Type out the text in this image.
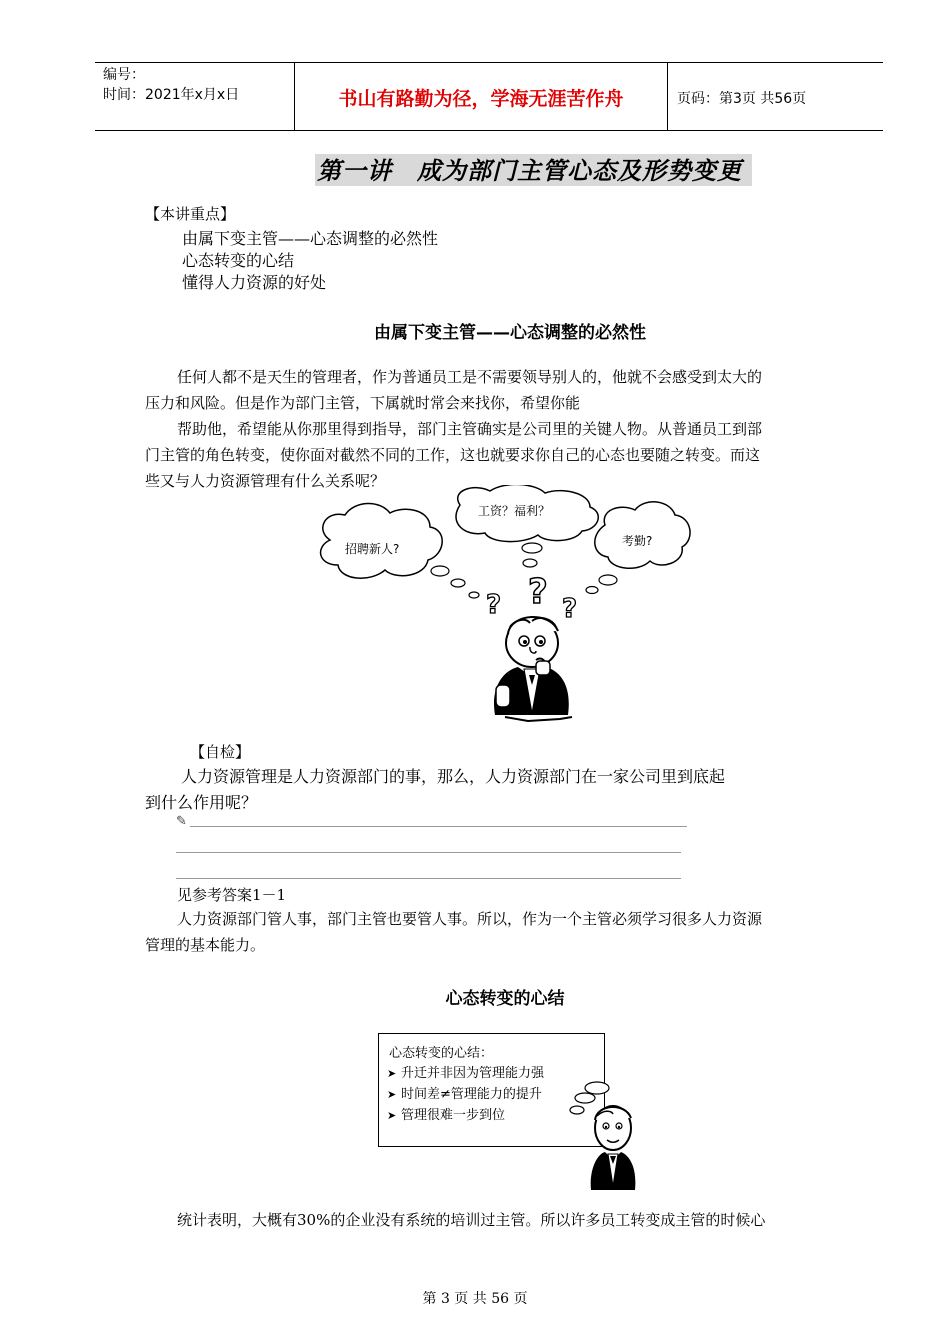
编号：
时间：2021年x月x日	书山有路勤为径，学海无涯苦作舟	页码：第3页 共56页
第一讲　成为部门主管心态及形势变更
【本讲重点】
由属下变主管——心态调整的必然性
心态转变的心结
懂得人力资源的好处
由属下变主管——心态调整的必然性
任何人都不是天生的管理者，作为普通员工是不需要领导别人的，他就不会感受到太大的
压力和风险。但是作为部门主管，下属就时常会来找你，希望你能
帮助他，希望能从你那里得到指导，部门主管确实是公司里的关键人物。从普通员工到部
门主管的角色转变，使你面对截然不同的工作，这也就要求你自己的心态也要随之转变。而这
些又与人力资源管理有什么关系呢？
招聘新人?
工资？福利？
考勤?
?
? ?
【自检】
人力资源管理是人力资源部门的事，那么，人力资源部门在一家公司里到底起
到什么作用呢？
✎
见参考答案1－1
人力资源部门管人事，部门主管也要管人事。所以，作为一个主管必须学习很多人力资源
管理的基本能力。
心态转变的心结
心态转变的心结：
➤ 升迁并非因为管理能力强
➤ 时间差≠管理能力的提升
➤ 管理很难一步到位
统计表明，大概有30%的企业没有系统的培训过主管。所以许多员工转变成主管的时候心
第 3 页 共 56 页
